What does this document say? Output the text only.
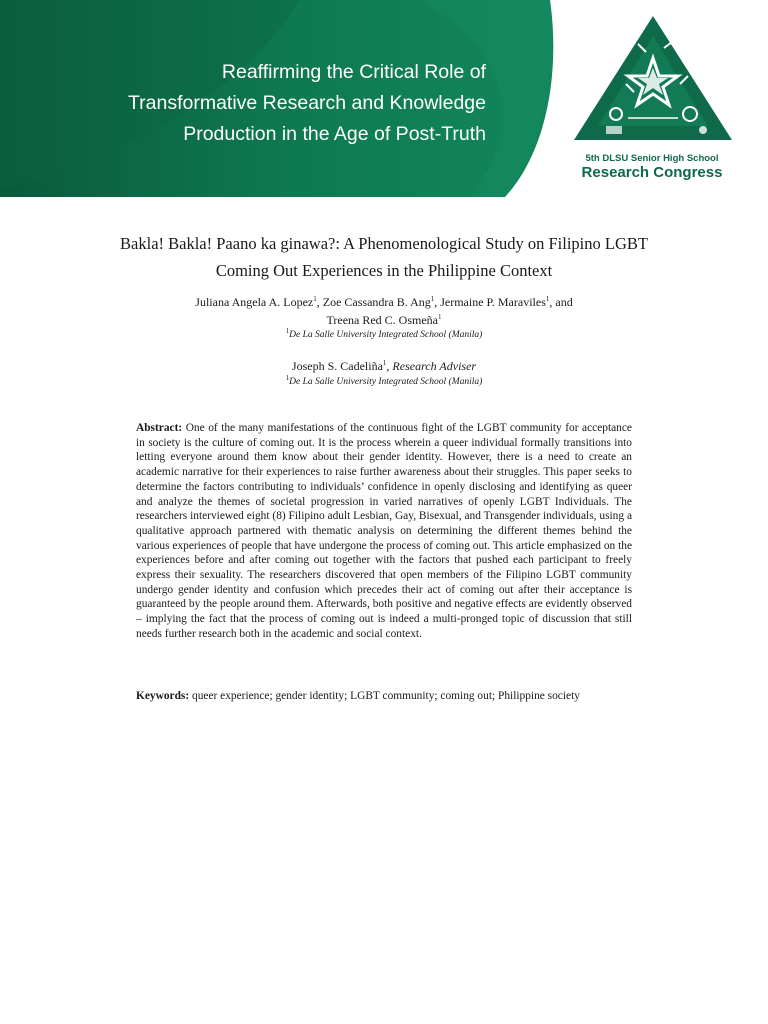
Reaffirming the Critical Role of
Transformative Research and Knowledge
Production in the Age of Post-Truth
5th DLSU Senior High School
Research Congress
Bakla! Bakla! Paano ka ginawa?: A Phenomenological Study on Filipino LGBT
Coming Out Experiences in the Philippine Context
Juliana Angela A. Lopez$^1$, Zoe Cassandra B. Ang$^1$, Jermaine P. Maraviles$^1$, and
Treena Red C. Osmeña$^1$
$^1$De La Salle University Integrated School (Manila)
Joseph S. Cadeliña$^1$, Research Adviser
$^1$De La Salle University Integrated School (Manila)
Abstract: One of the many manifestations of the continuous fight of the LGBT community for acceptance in society is the culture of coming out. It is the process wherein a queer individual formally transitions into letting everyone around them know about their gender identity. However, there is a need to create an academic narrative for their experiences to raise further awareness about their struggles. This paper seeks to determine the factors contributing to individuals’ confidence in openly disclosing and identifying as queer and analyze the themes of societal progression in varied narratives of openly LGBT Individuals. The researchers interviewed eight (8) Filipino adult Lesbian, Gay, Bisexual, and Transgender individuals, using a qualitative approach partnered with thematic analysis on determining the different themes behind the various experiences of people that have undergone the process of coming out. This article emphasized on the experiences before and after coming out together with the factors that pushed each participant to freely express their sexuality. The researchers discovered that open members of the Filipino LGBT community undergo gender identity and confusion which precedes their act of coming out after their acceptance is guaranteed by the people around them. Afterwards, both positive and negative effects are evidently observed – implying the fact that the process of coming out is indeed a multi-pronged topic of discussion that still needs further research both in the academic and social context.
Keywords: queer experience; gender identity; LGBT community; coming out; Philippine society
